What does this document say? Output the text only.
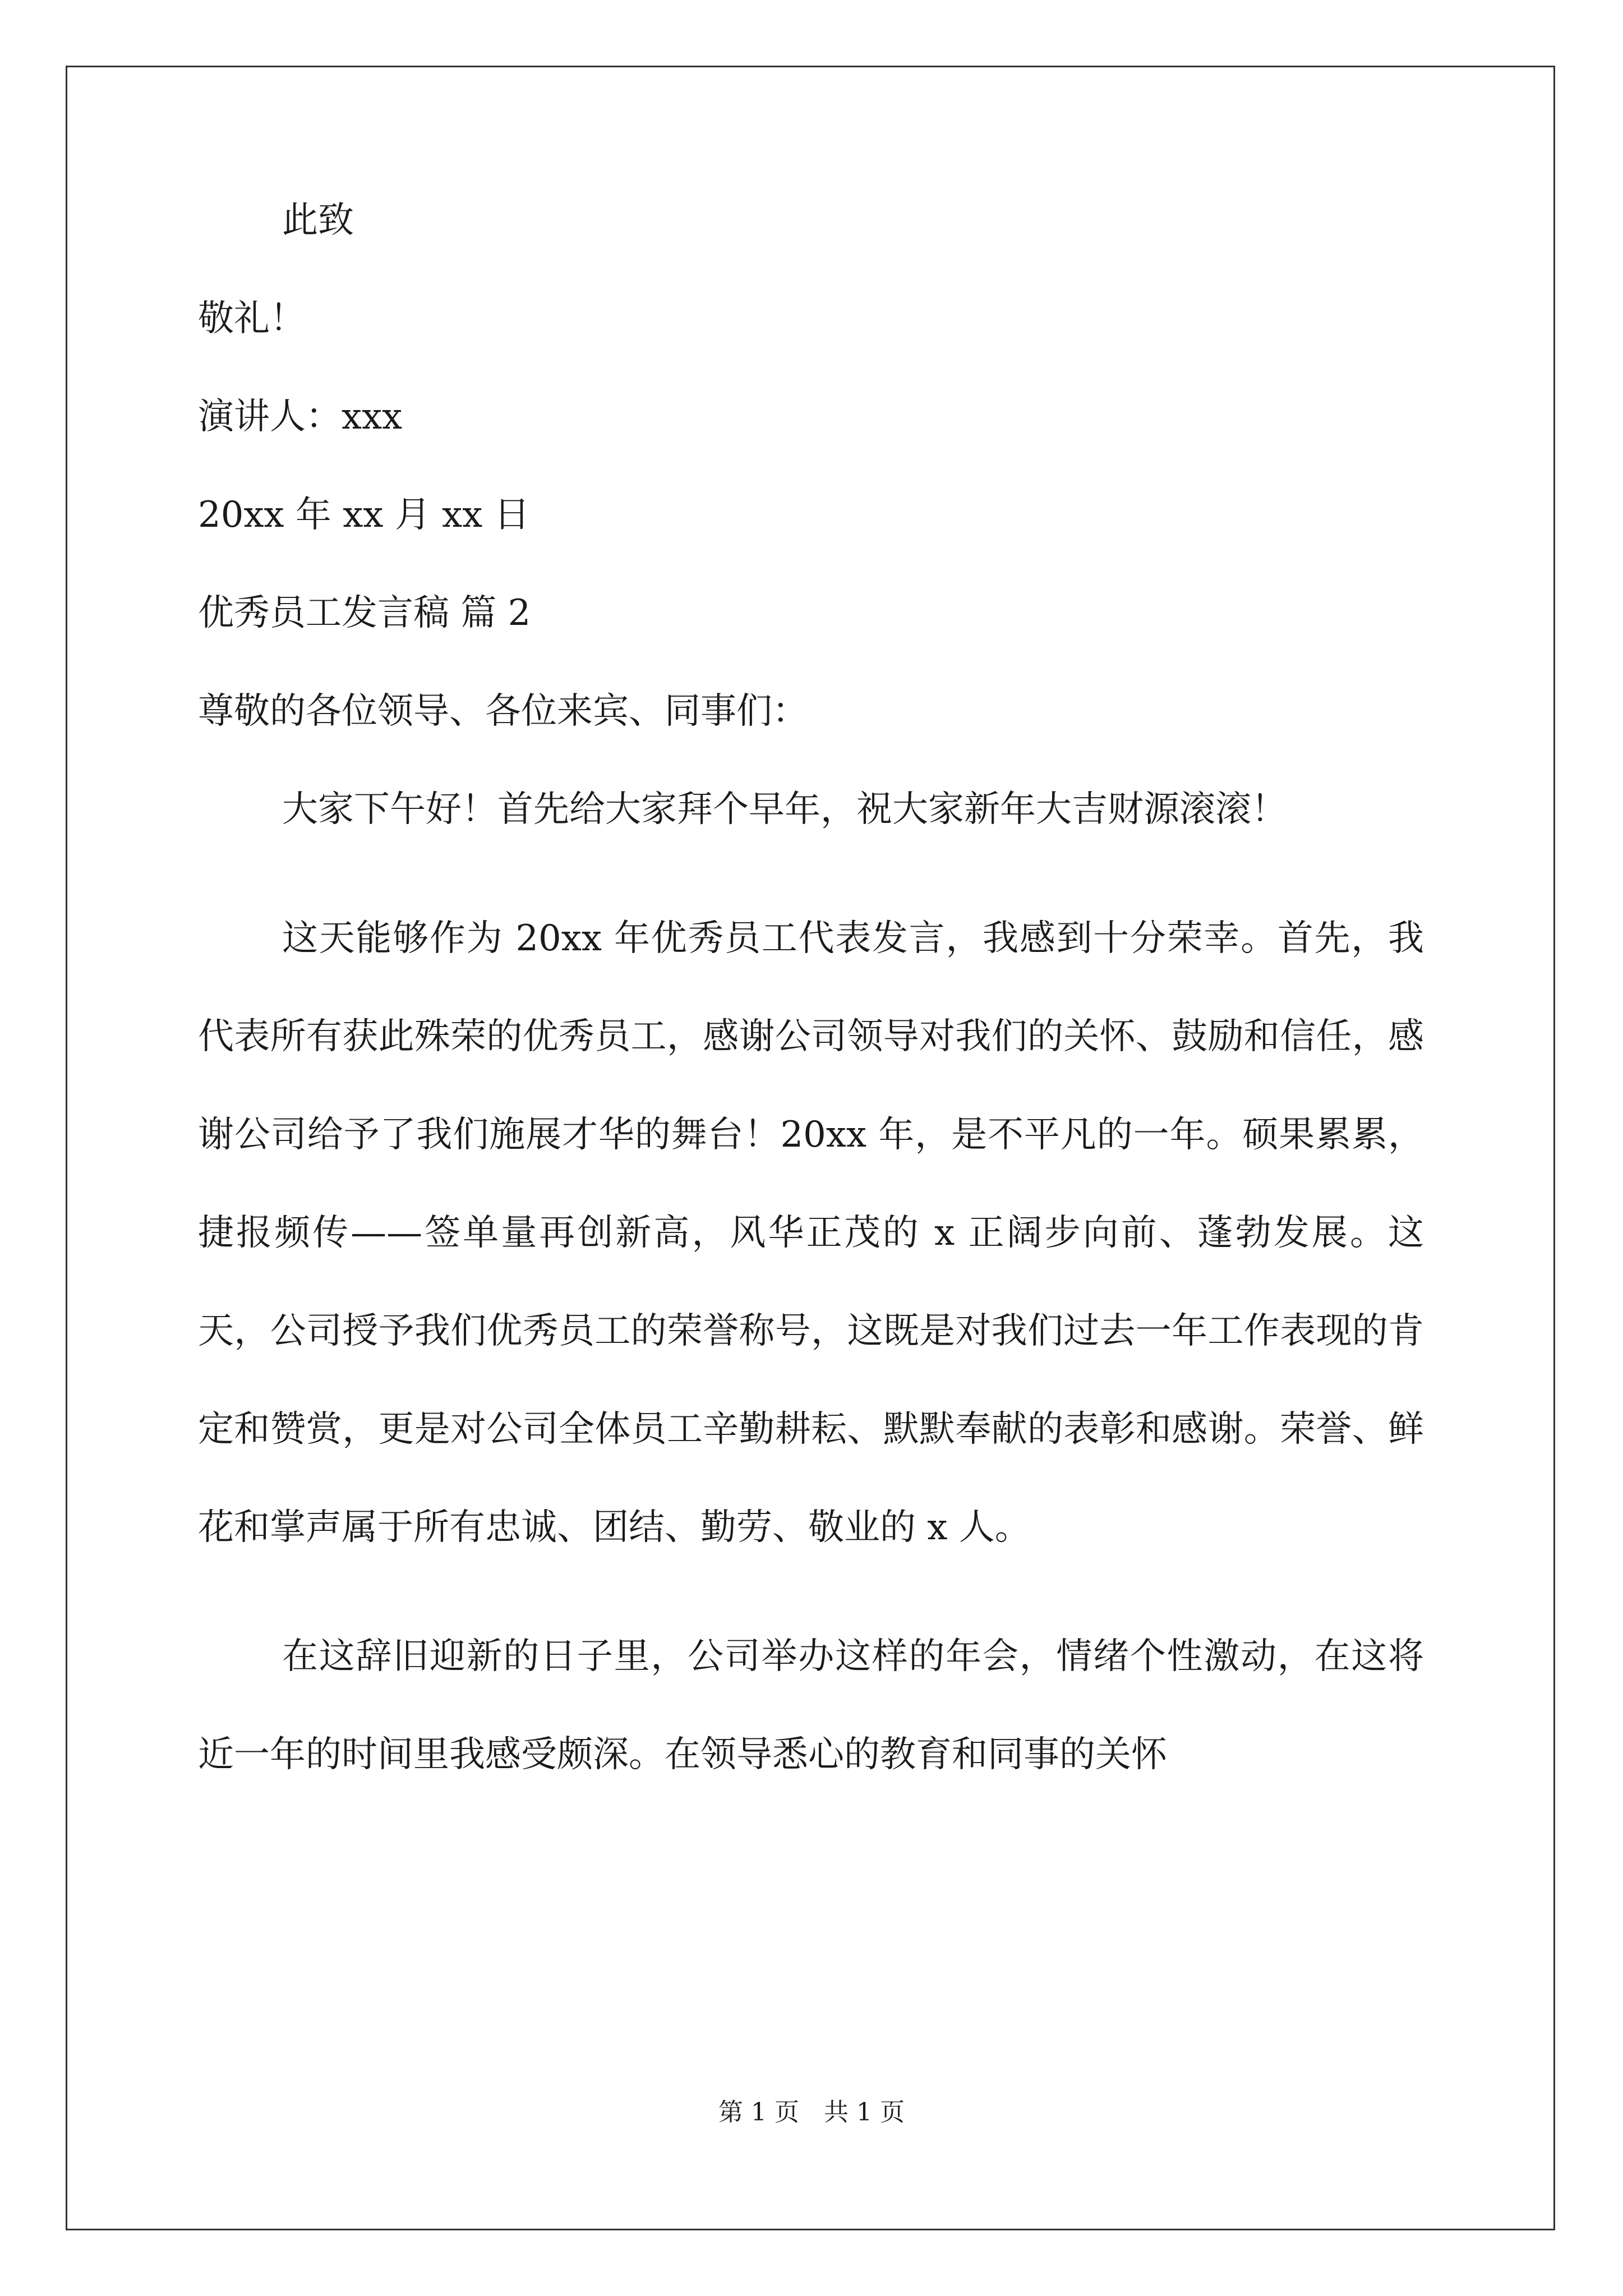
此致

敬礼！

演讲人：xxx

20xx 年 xx 月 xx 日

优秀员工发言稿 篇 2

尊敬的各位领导、各位来宾、同事们：

大家下午好！首先给大家拜个早年，祝大家新年大吉财源滚滚！

这天能够作为 20xx 年优秀员工代表发言，我感到十分荣幸。首先，我代表所有获此殊荣的优秀员工，感谢公司领导对我们的关怀、鼓励和信任，感谢公司给予了我们施展才华的舞台！20xx 年，是不平凡的一年。硕果累累，捷报频传——签单量再创新高，风华正茂的 x 正阔步向前、蓬勃发展。这天，公司授予我们优秀员工的荣誉称号，这既是对我们过去一年工作表现的肯定和赞赏，更是对公司全体员工辛勤耕耘、默默奉献的表彰和感谢。荣誉、鲜花和掌声属于所有忠诚、团结、勤劳、敬业的 x 人。

在这辞旧迎新的日子里，公司举办这样的年会，情绪个性激动，在这将近一年的时间里我感受颇深。在领导悉心的教育和同事的关怀

第 1 页　共 1 页
